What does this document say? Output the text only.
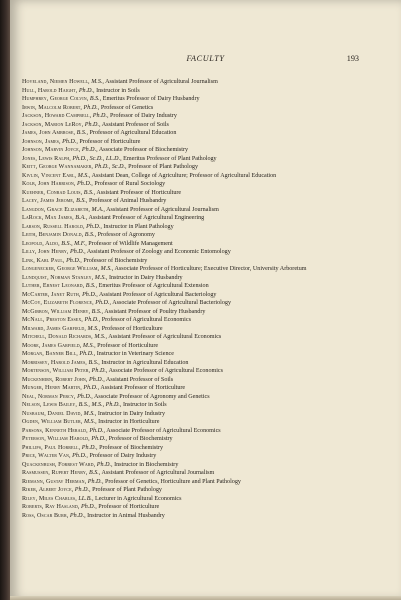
FACULTY	193
Hoveland, Niemen Howell, M.S., Assistant Professor of Agricultural Journalism
Hull, Harold Haight, Ph.D., Instructor in Soils
Humphrey, George Colvin, B.S., Emeritus Professor of Dairy Husbandry
Irwin, Malcolm Robert, Ph.D., Professor of Genetics
Jackson, Howard Campbell, Ph.D., Professor of Dairy Industry
Jackson, Marion LeRoy, Ph.D., Assistant Professor of Soils
James, John Ambrose, B.S., Professor of Agricultural Education
Johnson, James, Ph.D., Professor of Horticulture
Johnson, Marvin Joyce, Ph.D., Associate Professor of Biochemistry
Jones, Lewis Ralph, Ph.D., Sc.D., LL.D., Emeritus Professor of Plant Pathology
Keitt, George Wannamaker, Ph.D., Sc.D., Professor of Plant Pathology
Kivlin, Vincent Earl, M.S., Assistant Dean, College of Agriculture; Professor of Agricultural Education
Kolb, John Harrison, Ph.D., Professor of Rural Sociology
Kuehner, Conrad Louis, B.S., Assistant Professor of Horticulture
Lacey, James Jerome, B.S., Professor of Animal Husbandry
Langdon, Grace Elizabeth, M.A., Assistant Professor of Agricultural Journalism
LaRock, Max James, B.A., Assistant Professor of Agricultural Engineering
Larson, Russell Harold, Ph.D., Instructor in Plant Pathology
Leith, Benjamin Donald, B.S., Professor of Agronomy
Leopold, Aldo, B.S., M.F., Professor of Wildlife Management
Lilly, John Henry, Ph.D., Assistant Professor of Zoology and Economic Entomology
Link, Karl Paul, Ph.D., Professor of Biochemistry
Longenecker, George William, M.S., Associate Professor of Horticulture; Executive Director, University Arboretum
Lundquist, Norman Stanley, M.S., Instructor in Dairy Husbandry
Luther, Ernest Leonard, B.S., Emeritus Professor of Agricultural Extension
McCarter, Janet Ruth, Ph.D., Assistant Professor of Agricultural Bacteriology
McCoy, Elizabeth Florence, Ph.D., Associate Professor of Agricultural Bacteriology
McGibbon, William Henry, B.S., Assistant Professor of Poultry Husbandry
McNall, Preston Essex, Ph.D., Professor of Agricultural Economics
Milward, James Garfield, M.S., Professor of Horticulture
Mitchell, Donald Richards, M.S., Assistant Professor of Agricultural Economics
Moore, James Garfield, M.S., Professor of Horticulture
Morgan, Banner Bill, Ph.D., Instructor in Veterinary Science
Morrissey, Harold James, B.S., Instructor in Agricultural Education
Mortenson, William Peter, Ph.D., Associate Professor of Agricultural Economics
Muckenhirn, Robert John, Ph.D., Assistant Professor of Soils
Munger, Henry Martin, Ph.D., Assistant Professor of Horticulture
Neal, Norman Percy, Ph.D., Associate Professor of Agronomy and Genetics
Nelson, Lewis Bailey, B.S., M.S., Ph.D., Instructor in Soils
Nusbaum, Daniel David, M.S., Instructor in Dairy Industry
Ogden, William Butler, M.S., Instructor in Horticulture
Parsons, Kenneth Herald, Ph.D., Associate Professor of Agricultural Economics
Peterson, William Harold, Ph.D., Professor of Biochemistry
Phillips, Paul Horrell, Ph.D., Professor of Biochemistry
Price, Walter Van, Ph.D., Professor of Dairy Industry
Quackenbush, Forrest Ward, Ph.D., Instructor in Biochemistry
Rasmussen, Rupert Henry, B.S., Assistant Professor of Agricultural Journalism
Riemann, Gustav Herman, Ph.D., Professor of Genetics, Horticulture and Plant Pathology
Riker, Albert Joyce, Ph.D., Professor of Plant Pathology
Riley, Miles Charles, LL.B., Lecturer in Agricultural Economics
Roberts, Ray Hasland, Ph.D., Professor of Horticulture
Ross, Oscar Burr, Ph.D., Instructor in Animal Husbandry
